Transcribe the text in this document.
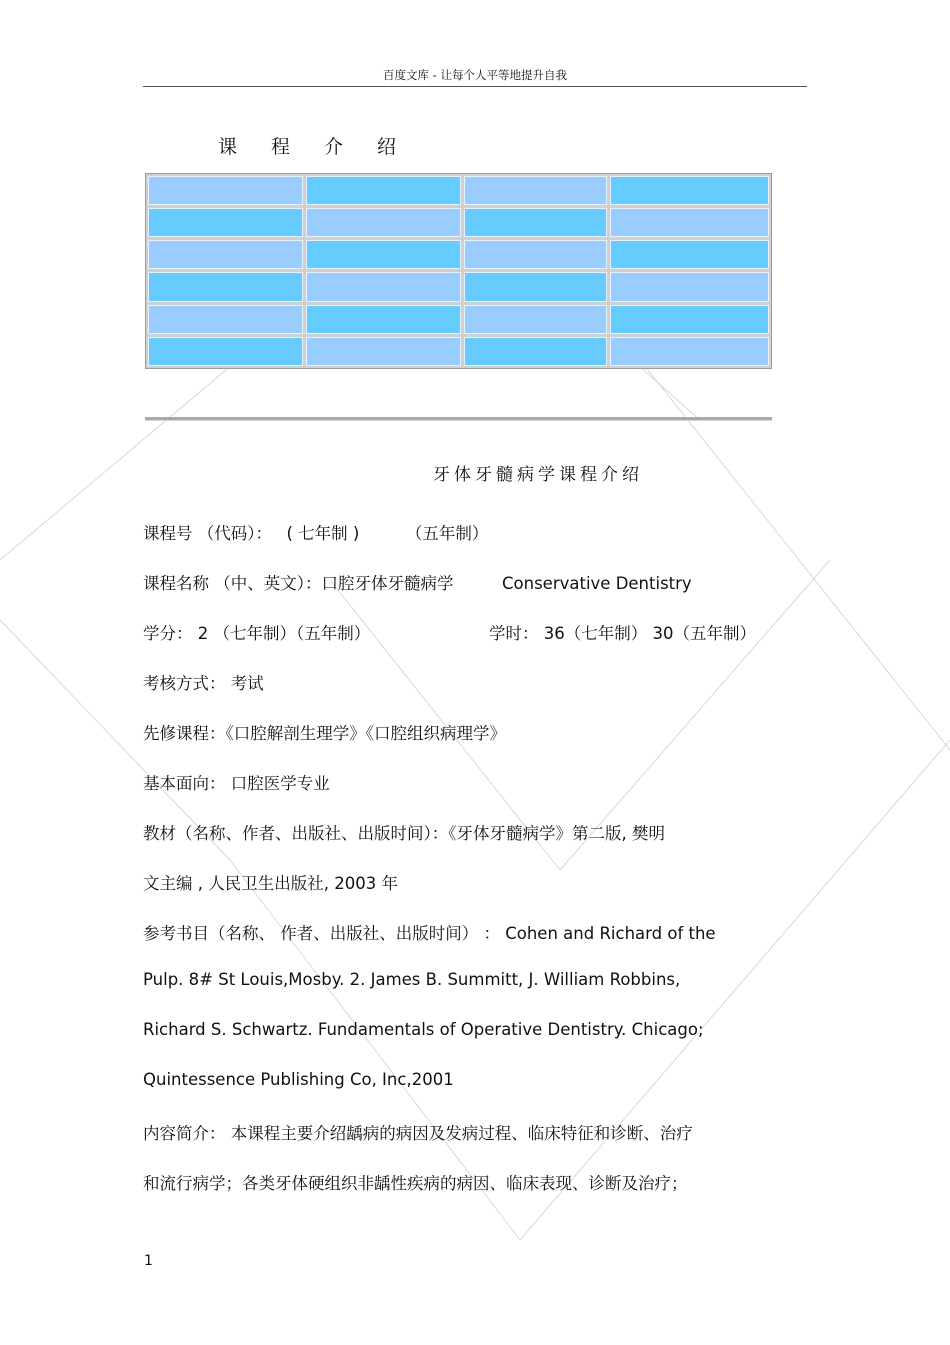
百度文库 - 让每个人平等地提升自我
课程介绍
牙体牙髓病学课程介绍
课程号 （代码）： ( 七年制 )	（五年制）
课程名称 （中、英文）：口腔牙体牙髓病学	Conservative Dentistry
学分： 2 （七年制）（五年制）	学时： 36（七年制） 30（五年制）
考核方式： 考试
先修课程：《口腔解剖生理学》《口腔组织病理学》
基本面向： 口腔医学专业
教材（名称、作者、出版社、出版时间）：《牙体牙髓病学》第二版, 樊明
文主编 , 人民卫生出版社, 2003 年
参考书目（名称、 作者、出版社、出版时间） ： Cohen and Richard of the
Pulp. 8# St Louis,Mosby. 2. James B. Summitt, J. William Robbins,
Richard S. Schwartz. Fundamentals of Operative Dentistry. Chicago;
Quintessence Publishing Co, Inc,2001
内容简介： 本课程主要介绍龋病的病因及发病过程、临床特征和诊断、治疗
和流行病学；各类牙体硬组织非龋性疾病的病因、临床表现、诊断及治疗；
1
